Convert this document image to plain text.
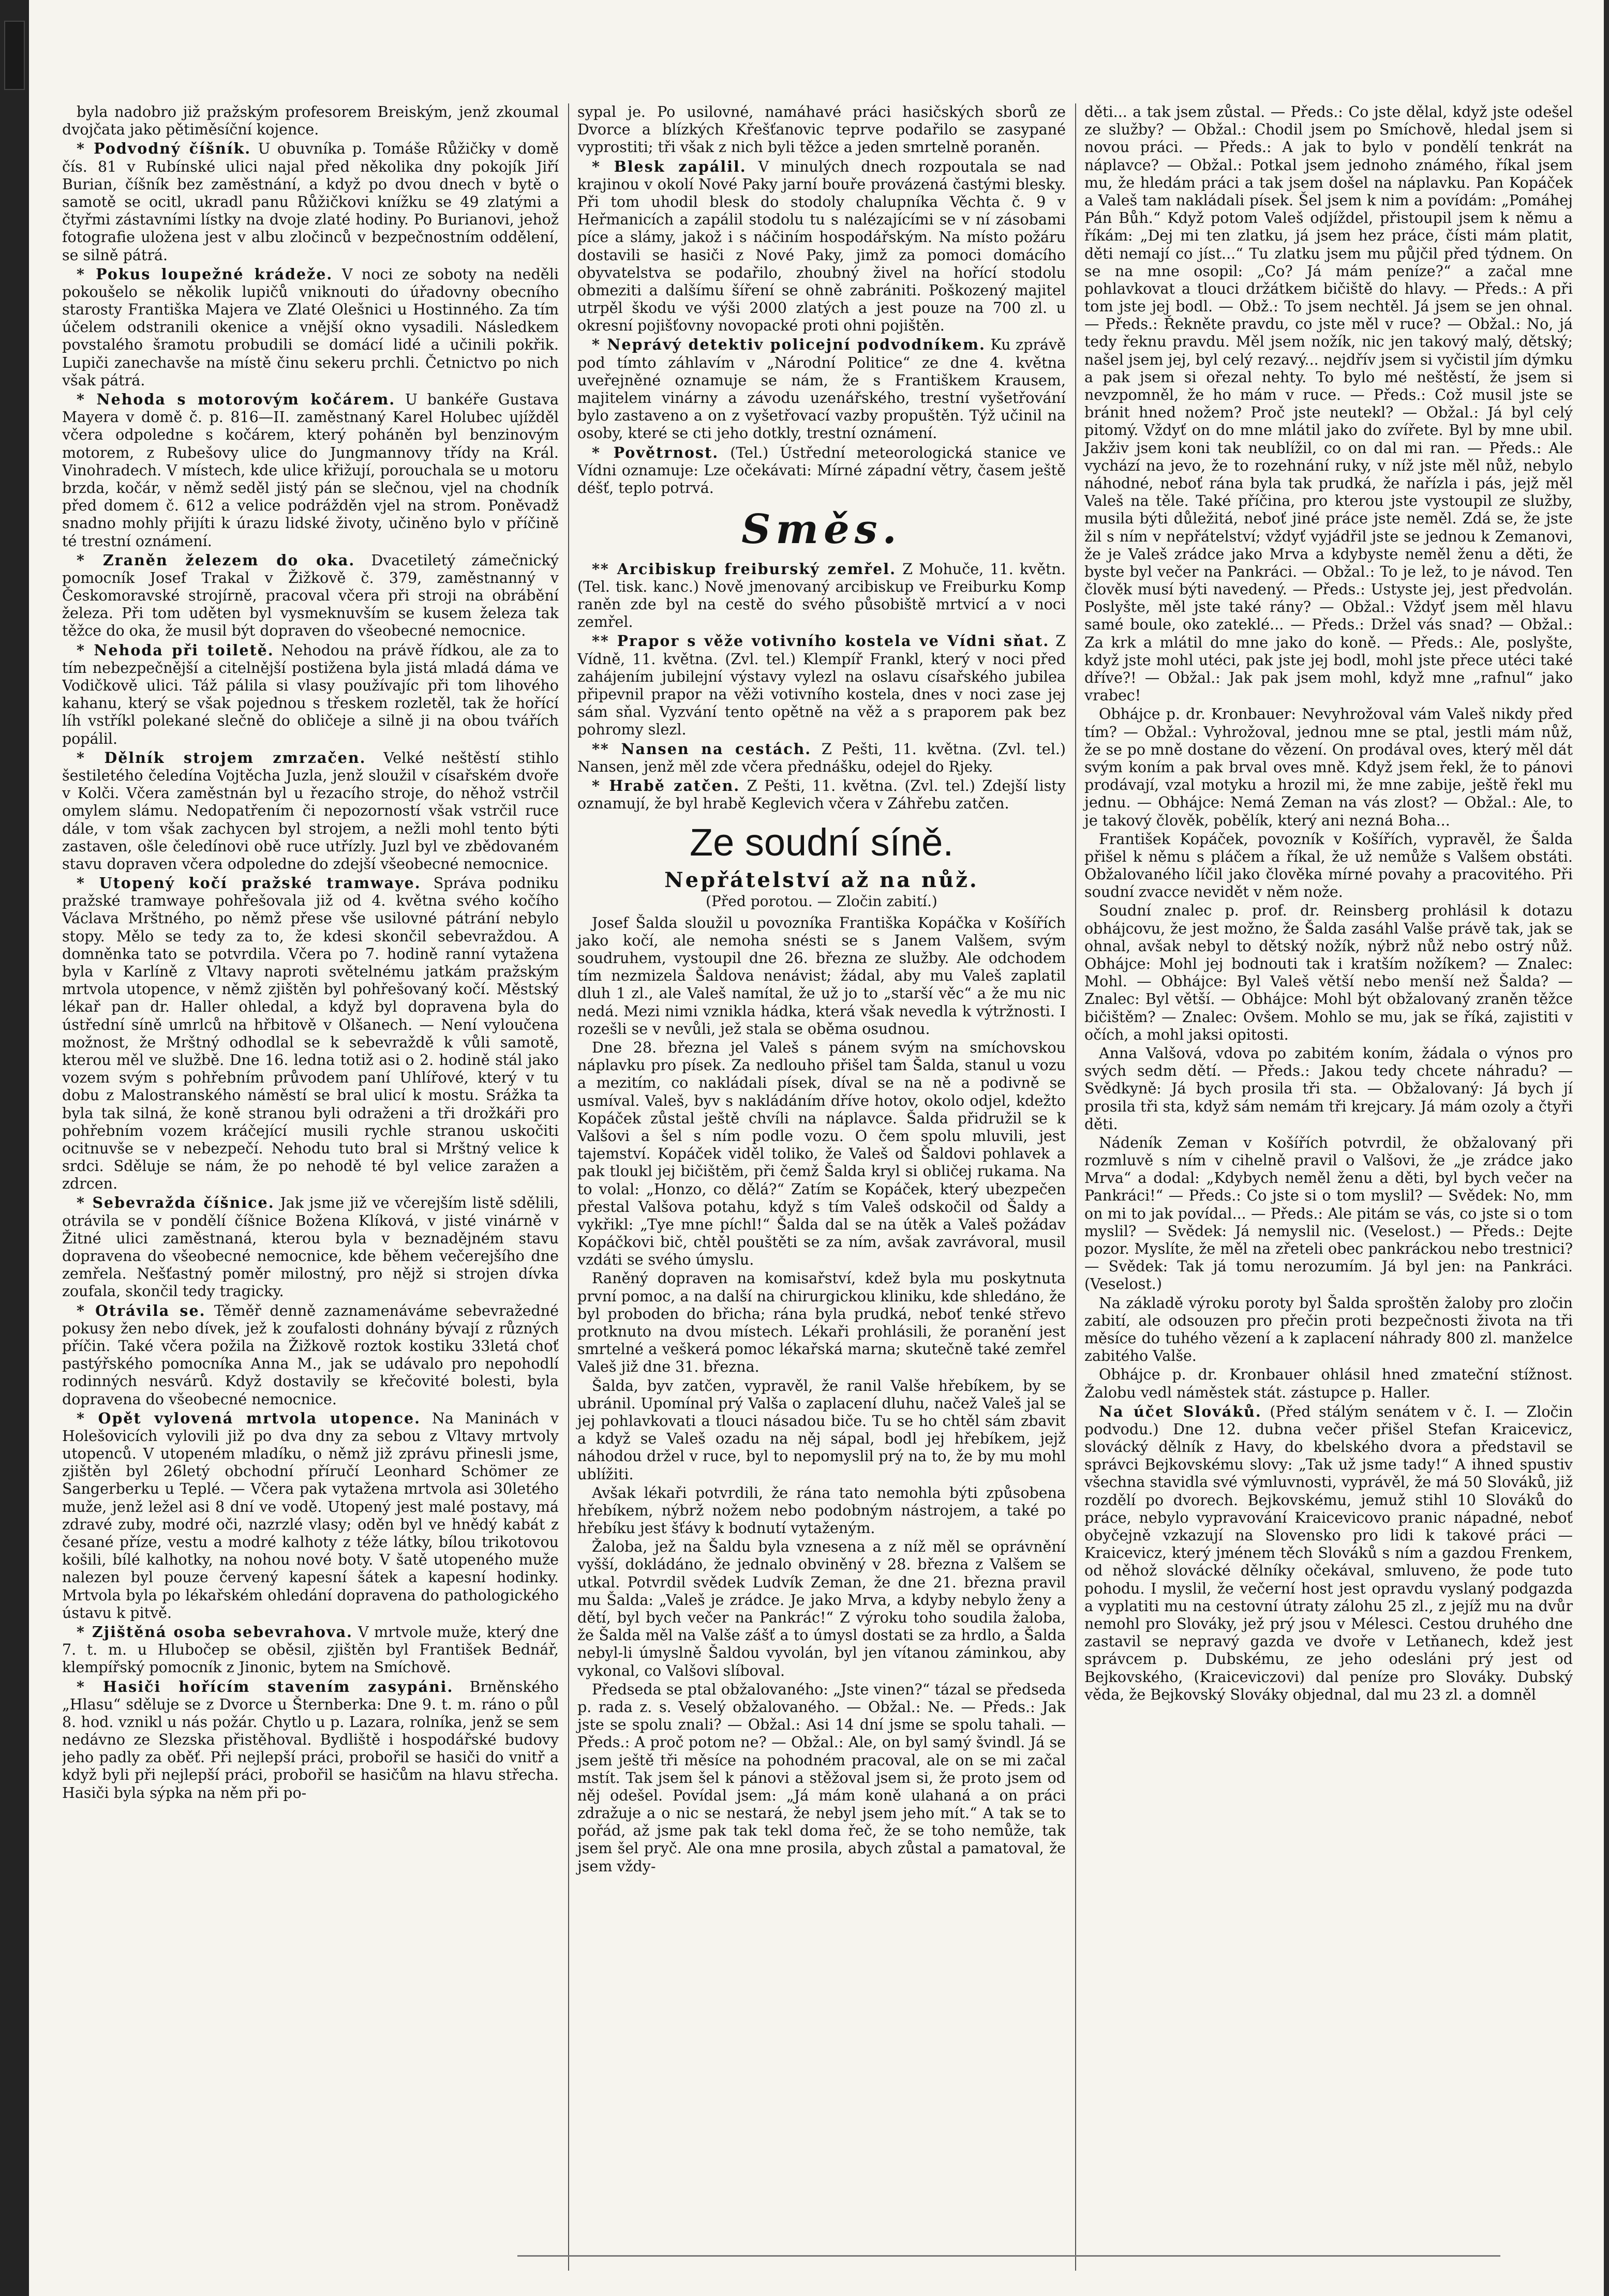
byla nadobro již pražským profesorem Breiským, jenž zkoumal dvojčata jako pětiměsíční kojence.

* Podvodný číšník. U obuvníka p. Tomáše Růžičky v domě čís. 81 v Rubínské ulici najal před několika dny pokojík Jiří Burian, číšník bez zaměstnání, a když po dvou dnech v bytě o samotě se ocitl, ukradl panu Růžičkovi knížku se 49 zlatými a čtyřmi zástavními lístky na dvoje zlaté hodiny. Po Burianovi, jehož fotografie uložena jest v albu zločinců v bezpečnostním oddělení, se silně pátrá.

* Pokus loupežné krádeže. V noci ze soboty na neděli pokoušelo se několik lupičů vniknouti do úřadovny obecního starosty Františka Majera ve Zlaté Olešnici u Hostinného. Za tím účelem odstranili okenice a vnější okno vysadili. Následkem povstalého šramotu probudili se domácí lidé a učinili pokřik. Lupiči zanechavše na místě činu sekeru prchli. Četnictvo po nich však pátrá.

* Nehoda s motorovým kočárem. U bankéře Gustava Mayera v domě č. p. 816—II. zaměstnaný Karel Holubec ujížděl včera odpoledne s kočárem, který poháněn byl benzinovým motorem, z Rubešovy ulice do Jungmannovy třídy na Král. Vinohradech. V místech, kde ulice křižují, porouchala se u motoru brzda, kočár, v němž seděl jistý pán se slečnou, vjel na chodník před domem č. 612 a velice podrážděn vjel na strom. Poněvadž snadno mohly přijíti k úrazu lidské životy, učiněno bylo v příčině té trestní oznámení.

* Zraněn železem do oka. Dvacetiletý zámečnický pomocník Josef Trakal v Žižkově č. 379, zaměstnanný v Českomoravské strojírně, pracoval včera při stroji na obrábění železa. Při tom uděten byl vysmeknuvším se kusem železa tak těžce do oka, že musil být dopraven do všeobecné nemocnice.

* Nehoda při toiletě. Nehodou na právě řídkou, ale za to tím nebezpečnější a citelnější postižena byla jistá mladá dáma ve Vodičkově ulici. Táž pálila si vlasy používajíc při tom lihového kahanu, který se však pojednou s třeskem rozletěl, tak že hořící líh vstříkl polekané slečně do obličeje a silně ji na obou tvářích popálil.

* Dělník strojem zmrzačen. Velké neštěstí stihlo šestiletého čeledína Vojtěcha Juzla, jenž sloužil v císařském dvoře v Kolči. Včera zaměstnán byl u řezacího stroje, do něhož vstrčil omylem slámu. Nedopatřením či nepozorností však vstrčil ruce dále, v tom však zachycen byl strojem, a nežli mohl tento býti zastaven, ošle čeledínovi obě ruce utřízly. Juzl byl ve zbědovaném stavu dopraven včera odpoledne do zdejší všeobecné nemocnice.

* Utopený kočí pražské tramwaye. Správa podniku pražské tramwaye pohřešovala již od 4. května svého kočího Václava Mrštného, po němž přese vše usilovné pátrání nebylo stopy. Mělo se tedy za to, že kdesi skončil sebevraždou. A domněnka tato se potvrdila. Včera po 7. hodině ranní vytažena byla v Karlíně z Vltavy naproti světelnému jatkám pražským mrtvola utopence, v němž zjištěn byl pohřešovaný kočí. Městský lékař pan dr. Haller ohledal, a když byl dopravena byla do ústřední síně umrlců na hřbitově v Olšanech. — Není vyloučena možnost, že Mrštný odhodlal se k sebevraždě k vůli samotě, kterou měl ve službě. Dne 16. ledna totiž asi o 2. hodině stál jako vozem svým s pohřebním průvodem paní Uhlířové, který v tu dobu z Malostranského náměstí se bral ulicí k mostu. Srážka ta byla tak silná, že koně stranou byli odraženi a tři drožkáři pro pohřebním vozem kráčející musili rychle stranou uskočiti ocitnuvše se v nebezpečí. Nehodu tuto bral si Mrštný velice k srdci. Sděluje se nám, že po nehodě té byl velice zaražen a zdrcen.

* Sebevražda číšnice. Jak jsme již ve včerejším listě sdělili, otrávila se v pondělí číšnice Božena Klíková, v jisté vinárně v Žitné ulici zaměstnaná, kterou byla v beznadějném stavu dopravena do všeobecné nemocnice, kde během večerejšího dne zemřela. Nešťastný poměr milostný, pro nějž si strojen dívka zoufala, skončil tedy tragicky.

* Otrávila se. Těměř denně zaznamenáváme sebevražedné pokusy žen nebo dívek, jež k zoufalosti dohnány bývají z různých příčin. Také včera požila na Žižkově roztok kostiku 33letá choť pastýřského pomocníka Anna M., jak se udávalo pro nepohodlí rodinných nesvárů. Když dostavily se křečovité bolesti, byla dopravena do všeobecné nemocnice.

* Opět vylovená mrtvola utopence. Na Maninách v Holešovicích vylovili již po dva dny za sebou z Vltavy mrtvoly utopenců. V utopeném mladíku, o němž již zprávu přinesli jsme, zjištěn byl 26letý obchodní příručí Leonhard Schömer ze Sangerberku u Teplé. — Včera pak vytažena mrtvola asi 30letého muže, jenž ležel asi 8 dní ve vodě. Utopený jest malé postavy, má zdravé zuby, modré oči, nazrzlé vlasy; oděn byl ve hnědý kabát z česané příze, vestu a modré kalhoty z téže látky, bílou trikotovou košili, bílé kalhotky, na nohou nové boty. V šatě utopeného muže nalezen byl pouze červený kapesní šátek a kapesní hodinky. Mrtvola byla po lékařském ohledání dopravena do pathologického ústavu k pitvě.

* Zjištěná osoba sebevrahova. V mrtvole muže, který dne 7. t. m. u Hlubočep se oběsil, zjištěn byl František Bednář, klempířský pomocník z Jinonic, bytem na Smíchově.

* Hasiči hořícím stavením zasypáni. Brněnského „Hlasu“ sděluje se z Dvorce u Šternberka: Dne 9. t. m. ráno o půl 8. hod. vznikl u nás požár. Chytlo u p. Lazara, rolníka, jenž se sem nedávno ze Slezska přistěhoval. Bydliště i hospodářské budovy jeho padly za oběť. Při nejlepší práci, probořil se hasiči do vnitř a když byli při nejlepší práci, probořil se hasičům na hlavu střecha. Hasiči byla sýpka na něm při po-

sypal je. Po usilovné, namáhavé práci hasičských sborů ze Dvorce a blízkých Křešťanovic teprve podařilo se zasypané vyprostiti; tři však z nich byli těžce a jeden smrtelně poraněn.

* Blesk zapálil. V minulých dnech rozpoutala se nad krajinou v okolí Nové Paky jarní bouře provázená častými blesky. Při tom uhodil blesk do stodoly chalupníka Věchta č. 9 v Heřmanicích a zapálil stodolu tu s nalézajícími se v ní zásobami píce a slámy, jakož i s náčiním hospodářským. Na místo požáru dostavili se hasiči z Nové Paky, jimž za pomoci domácího obyvatelstva se podařilo, zhoubný živel na hořící stodolu obmeziti a dalšímu šíření se ohně zabrániti. Poškozený majitel utrpěl škodu ve výši 2000 zlatých a jest pouze na 700 zl. u okresní pojišťovny novopacké proti ohni pojištěn.

* Neprávý detektiv policejní podvodníkem. Ku zprávě pod tímto záhlavím v „Národní Politice“ ze dne 4. května uveřejněné oznamuje se nám, že s Františkem Krausem, majitelem vinárny a závodu uzenářského, trestní vyšetřování bylo zastaveno a on z vyšetřovací vazby propuštěn. Týž učinil na osoby, které se cti jeho dotkly, trestní oznámení.

* Povětrnost. (Tel.) Ústřední meteorologická stanice ve Vídni oznamuje: Lze očekávati: Mírné západní větry, časem ještě déšť, teplo potrvá.

Směs.

** Arcibiskup freiburský zemřel. Z Mohuče, 11. květn. (Tel. tisk. kanc.) Nově jmenovaný arcibiskup ve Freiburku Komp raněn zde byl na cestě do svého působiště mrtvicí a v noci zemřel.

** Prapor s věže votivního kostela ve Vídni sňat. Z Vídně, 11. května. (Zvl. tel.) Klempíř Frankl, který v noci před zahájením jubilejní výstavy vylezl na oslavu císařského jubilea připevnil prapor na věži votivního kostela, dnes v noci zase jej sám sňal. Vyzvání tento opětně na věž a s praporem pak bez pohromy slezl.

** Nansen na cestách. Z Pešti, 11. května. (Zvl. tel.) Nansen, jenž měl zde včera přednášku, odejel do Rjeky.

* Hrabě zatčen. Z Pešti, 11. května. (Zvl. tel.) Zdejší listy oznamují, že byl hrabě Keglevich včera v Záhřebu zatčen.

Ze soudní síně.
Nepřátelství až na nůž.
(Před porotou. — Zločin zabití.)

Josef Šalda sloužil u povozníka Františka Kopáčka v Košířích jako kočí, ale nemoha snésti se s Janem Valšem, svým soudruhem, vystoupil dne 26. března ze služby. Ale odchodem tím nezmizela Šaldova nenávist; žádal, aby mu Valeš zaplatil dluh 1 zl., ale Valeš namítal, že už jo to „starší věc“ a že mu nic nedá. Mezi nimi vznikla hádka, která však nevedla k výtržnosti. I rozešli se v nevůli, jež stala se oběma osudnou.

Dne 28. března jel Valeš s pánem svým na smíchovskou náplavku pro písek. Za nedlouho přišel tam Šalda, stanul u vozu a mezitím, co nakládali písek, díval se na ně a podivně se usmíval. Valeš, byv s nakládáním dříve hotov, okolo odjel, kdežto Kopáček zůstal ještě chvíli na náplavce. Šalda přidružil se k Valšovi a šel s ním podle vozu. O čem spolu mluvili, jest tajemství. Kopáček viděl toliko, že Valeš od Šaldovi pohlavek a pak tloukl jej bičištěm, při čemž Šalda kryl si obličej rukama. Na to volal: „Honzo, co dělá?“ Zatím se Kopáček, který ubezpečen přestal Valšova potahu, když s tím Valeš odskočil od Šaldy a vykřikl: „Tye mne píchl!“ Šalda dal se na útěk a Valeš požádav Kopáčkovi bič, chtěl pouštěti se za ním, avšak zavrávoral, musil vzdáti se svého úmyslu.

Raněný dopraven na komisařství, kdež byla mu poskytnuta první pomoc, a na další na chirurgickou kliniku, kde shledáno, že byl proboden do břicha; rána byla prudká, neboť tenké střevo protknuto na dvou místech. Lékaři prohlásili, že poranění jest smrtelné a veškerá pomoc lékařská marna; skutečně také zemřel Valeš již dne 31. března.

Šalda, byv zatčen, vypravěl, že ranil Valše hřebíkem, by se ubránil. Upomínal prý Valša o zaplacení dluhu, načež Valeš jal se jej pohlavkovati a tlouci násadou biče. Tu se ho chtěl sám zbavit a když se Valeš ozadu na něj sápal, bodl jej hřebíkem, jejž náhodou držel v ruce, byl to nepomyslil prý na to, že by mu mohl ublížiti.

Avšak lékaři potvrdili, že rána tato nemohla býti způsobena hřebíkem, nýbrž nožem nebo podobným nástrojem, a také po hřebíku jest šťávy k bodnutí vytaženým.

Žaloba, jež na Šaldu byla vznesena a z níž měl se oprávnění vyšší, dokládáno, že jednalo obviněný v 28. března z Valšem se utkal. Potvrdil svědek Ludvík Zeman, že dne 21. března pravil mu Šalda: „Valeš je zrádce. Je jako Mrva, a kdyby nebylo ženy a dětí, byl bych večer na Pankrác!“ Z výroku toho soudila žaloba, že Šalda měl na Valše zášť a to úmysl dostati se za hrdlo, a Šalda nebyl-li úmyslně Šaldou vyvolán, byl jen vítanou záminkou, aby vykonal, co Valšovi slíboval.

Předseda se ptal obžalovaného: „Jste vinen?“ tázal se předseda p. rada z. s. Veselý obžalovaného. — Obžal.: Ne. — Předs.: Jak jste se spolu znali? — Obžal.: Asi 14 dní jsme se spolu tahali. — Předs.: A proč potom ne? — Obžal.: Ale, on byl samý švindl. Já se jsem ještě tři měsíce na pohodném pracoval, ale on se mi začal mstít. Tak jsem šel k pánovi a stěžoval jsem si, že proto jsem od něj odešel. Povídal jsem: „Já mám koně ulahaná a on práci zdražuje a o nic se nestará, že nebyl jsem jeho mít.“ A tak se to pořád, až jsme pak tak tekl doma řeč, že se toho nemůže, tak jsem šel pryč. Ale ona mne prosila, abych zůstal a pamatoval, že jsem vždy-

děti... a tak jsem zůstal. — Předs.: Co jste dělal, když jste odešel ze služby? — Obžal.: Chodil jsem po Smíchově, hledal jsem si novou práci. — Předs.: A jak to bylo v pondělí tenkrát na náplavce? — Obžal.: Potkal jsem jednoho známého, říkal jsem mu, že hledám práci a tak jsem došel na náplavku. Pan Kopáček a Valeš tam nakládali písek. Šel jsem k nim a povídám: „Pomáhej Pán Bůh.“ Když potom Valeš odjíždel, přistoupil jsem k němu a říkám: „Dej mi ten zlatku, já jsem hez práce, čísti mám platit, děti nemají co jíst...“ Tu zlatku jsem mu půjčil před týdnem. On se na mne osopil: „Co? Já mám peníze?“ a začal mne pohlavkovat a tlouci držátkem bičiště do hlavy. — Předs.: A při tom jste jej bodl. — Obž.: To jsem nechtěl. Já jsem se jen ohnal. — Předs.: Řekněte pravdu, co jste měl v ruce? — Obžal.: No, já tedy řeknu pravdu. Měl jsem nožík, nic jen takový malý, dětský; našel jsem jej, byl celý rezavý... nejdřív jsem si vyčistil jím dýmku a pak jsem si ořezal nehty. To bylo mé neštěstí, že jsem si nevzpomněl, že ho mám v ruce. — Předs.: Což musil jste se bránit hned nožem? Proč jste neutekl? — Obžal.: Já byl celý pitomý. Vždyť on do mne mlátil jako do zvířete. Byl by mne ubil. Jakživ jsem koni tak neublížil, co on dal mi ran. — Předs.: Ale vychází na jevo, že to rozehnání ruky, v níž jste měl nůž, nebylo náhodné, neboť rána byla tak prudká, že nařízla i pás, jejž měl Valeš na těle. Také příčina, pro kterou jste vystoupil ze služby, musila býti důležitá, neboť jiné práce jste neměl. Zdá se, že jste žil s ním v nepřátelství; vždyť vyjádřil jste se jednou k Zemanovi, že je Valeš zrádce jako Mrva a kdybyste neměl ženu a děti, že byste byl večer na Pankráci. — Obžal.: To je lež, to je návod. Ten člověk musí býti navedený. — Předs.: Ustyste jej, jest předvolán. Poslyšte, měl jste také rány? — Obžal.: Vždyť jsem měl hlavu samé boule, oko zateklé... — Předs.: Držel vás snad? — Obžal.: Za krk a mlátil do mne jako do koně. — Předs.: Ale, poslyšte, když jste mohl utéci, pak jste jej bodl, mohl jste přece utéci také dříve?! — Obžal.: Jak pak jsem mohl, když mne „rafnul“ jako vrabec!

Obhájce p. dr. Kronbauer: Nevyhrožoval vám Valeš nikdy před tím? — Obžal.: Vyhrožoval, jednou mne se ptal, jestli mám nůž, že se po mně dostane do vězení. On prodával oves, který měl dát svým koním a pak brval oves mně. Když jsem řekl, že to pánovi prodávají, vzal motyku a hrozil mi, že mne zabije, ještě řekl mu jednu. — Obhájce: Nemá Zeman na vás zlost? — Obžal.: Ale, to je takový člověk, pobělík, který ani nezná Boha...

František Kopáček, povozník v Košířích, vypravěl, že Šalda přišel k němu s pláčem a říkal, že už nemůže s Valšem obstáti. Obžalovaného líčil jako člověka mírné povahy a pracovitého. Při soudní zvacce nevidět v něm nože.

Soudní znalec p. prof. dr. Reinsberg prohlásil k dotazu obhájcovu, že jest možno, že Šalda zasáhl Valše právě tak, jak se ohnal, avšak nebyl to dětský nožík, nýbrž nůž nebo ostrý nůž. Obhájce: Mohl jej bodnouti tak i kratším nožíkem? — Znalec: Mohl. — Obhájce: Byl Valeš větší nebo menší než Šalda? — Znalec: Byl větší. — Obhájce: Mohl být obžalovaný zraněn těžce bičištěm? — Znalec: Ovšem. Mohlo se mu, jak se říká, zajistiti v očích, a mohl jaksi opitosti.

Anna Valšová, vdova po zabitém koním, žádala o výnos pro svých sedm dětí. — Předs.: Jakou tedy chcete náhradu? — Svědkyně: Já bych prosila tři sta. — Obžalovaný: Já bych jí prosila tři sta, když sám nemám tři krejcary. Já mám ozoly a čtyři děti.

Nádeník Zeman v Košířích potvrdil, že obžalovaný při rozmluvě s ním v cihelně pravil o Valšovi, že „je zrádce jako Mrva“ a dodal: „Kdybych neměl ženu a děti, byl bych večer na Pankráci!“ — Předs.: Co jste si o tom myslil? — Svědek: No, mm on mi to jak povídal... — Předs.: Ale pitám se vás, co jste si o tom myslil? — Svědek: Já nemyslil nic. (Veselost.) — Předs.: Dejte pozor. Myslíte, že měl na zřeteli obec pankráckou nebo trestnici? — Svědek: Tak já tomu nerozumím. Já byl jen: na Pankráci. (Veselost.)

Na základě výroku poroty byl Šalda sproštěn žaloby pro zločin zabití, ale odsouzen pro přečin proti bezpečnosti života na tři měsíce do tuhého vězení a k zaplacení náhrady 800 zl. manželce zabitého Valše.

Obhájce p. dr. Kronbauer ohlásil hned zmateční stížnost. Žalobu vedl náměstek stát. zástupce p. Haller.

Na účet Slováků. (Před stálým senátem v č. I. — Zločin podvodu.) Dne 12. dubna večer přišel Stefan Kraicevicz, slovácký dělník z Havy, do kbelského dvora a představil se správci Bejkovskému slovy: „Tak už jsme tady!“ A ihned spustiv všechna stavidla své výmluvnosti, vyprávěl, že má 50 Slováků, již rozdělí po dvorech. Bejkovskému, jemuž stihl 10 Slováků do práce, nebylo vypravování Kraicevicovo pranic nápadné, neboť obyčejně vzkazují na Slovensko pro lidi k takové práci — Kraicevicz, který jménem těch Slováků s ním a gazdou Frenkem, od něhož slovácké dělníky očekával, smluveno, že pode tuto pohodu. I myslil, že večerní host jest opravdu vyslaný podgazda a vyplatiti mu na cestovní útraty zálohu 25 zl., z jejíž mu na dvůr nemohl pro Slováky, jež prý jsou v Mélesci. Cestou druhého dne zastavil se nepravý gazda ve dvoře v Letňanech, kdež jest správcem p. Dubskému, ze jeho odesláni prý jest od Bejkovského, (Kraiceviczovi) dal peníze pro Slováky. Dubský věda, že Bejkovský Slováky objednal, dal mu 23 zl. a domněl
